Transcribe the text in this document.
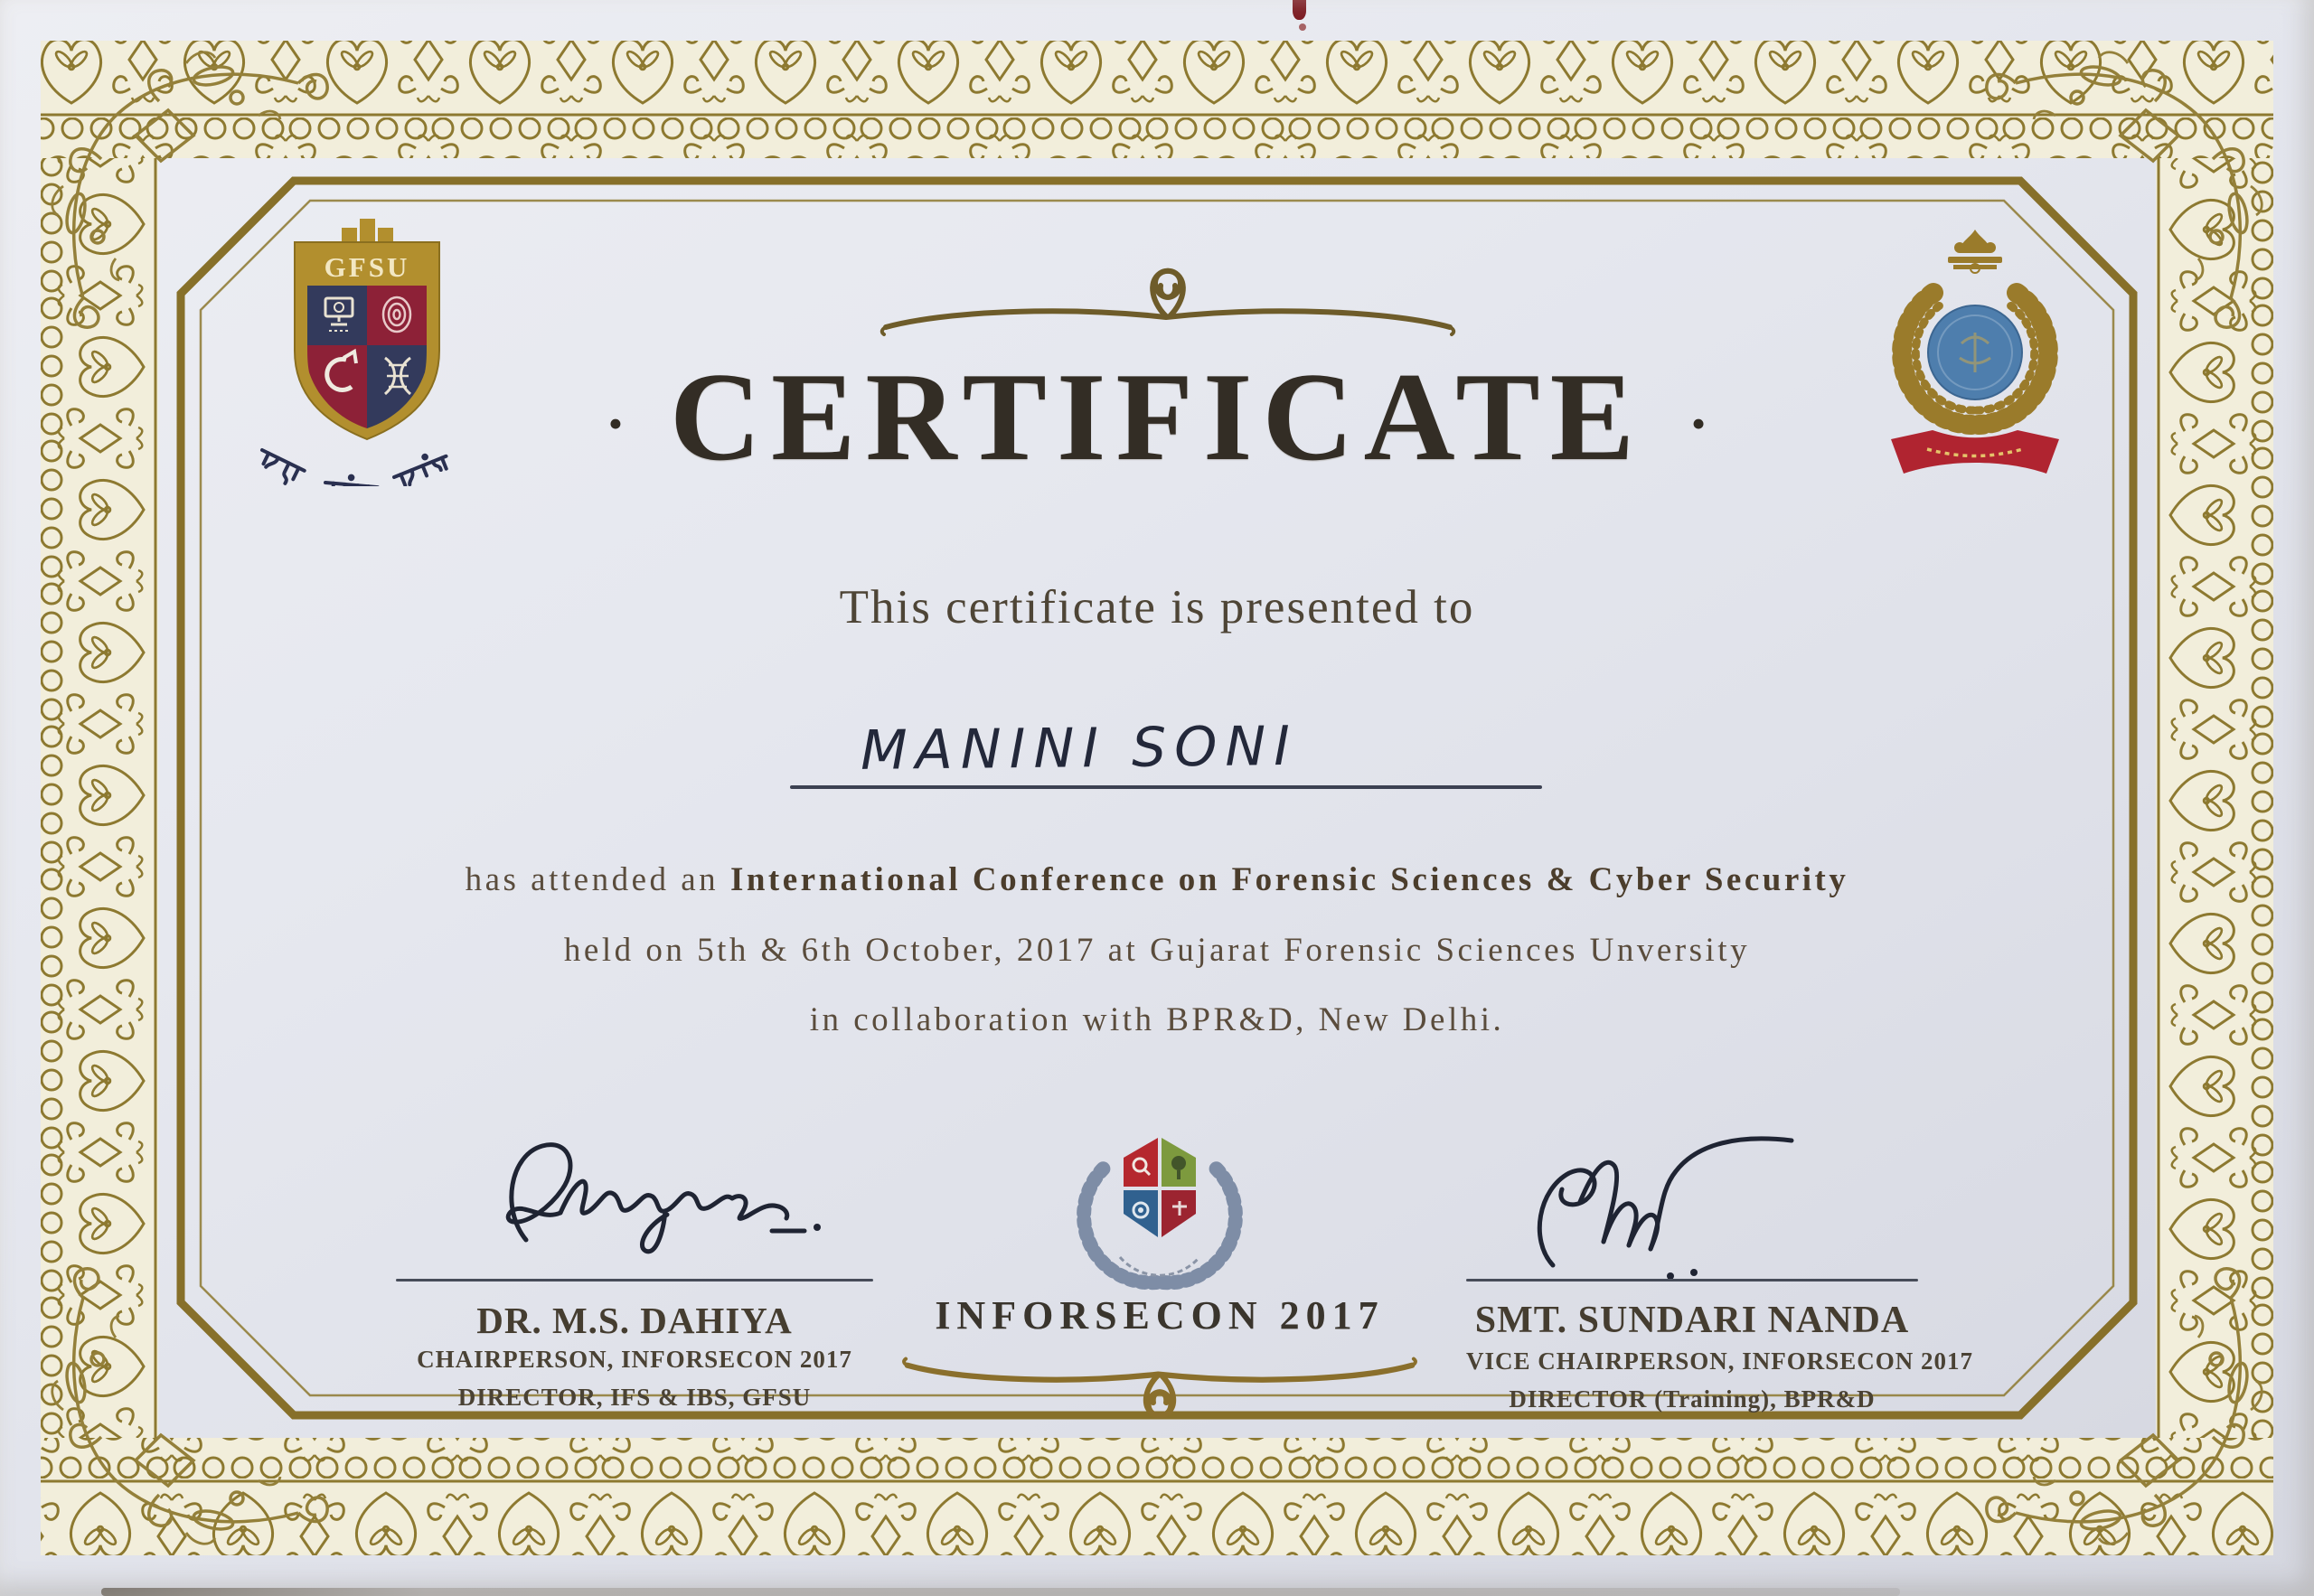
GFSU
• CERTIFICATE •
This certificate is presented to
MANINI SONI
has attended an International Conference on Forensic Sciences & Cyber Security
held on 5th & 6th October, 2017 at Gujarat Forensic Sciences Unversity
in collaboration with BPR&D, New Delhi.
DR. M.S. DAHIYA
CHAIRPERSON, INFORSECON 2017
DIRECTOR, IFS & IBS, GFSU
INFORSECON 2017 SMT. SUNDARI NANDA
VICE CHAIRPERSON, INFORSECON 2017
DIRECTOR (Training), BPR&D
